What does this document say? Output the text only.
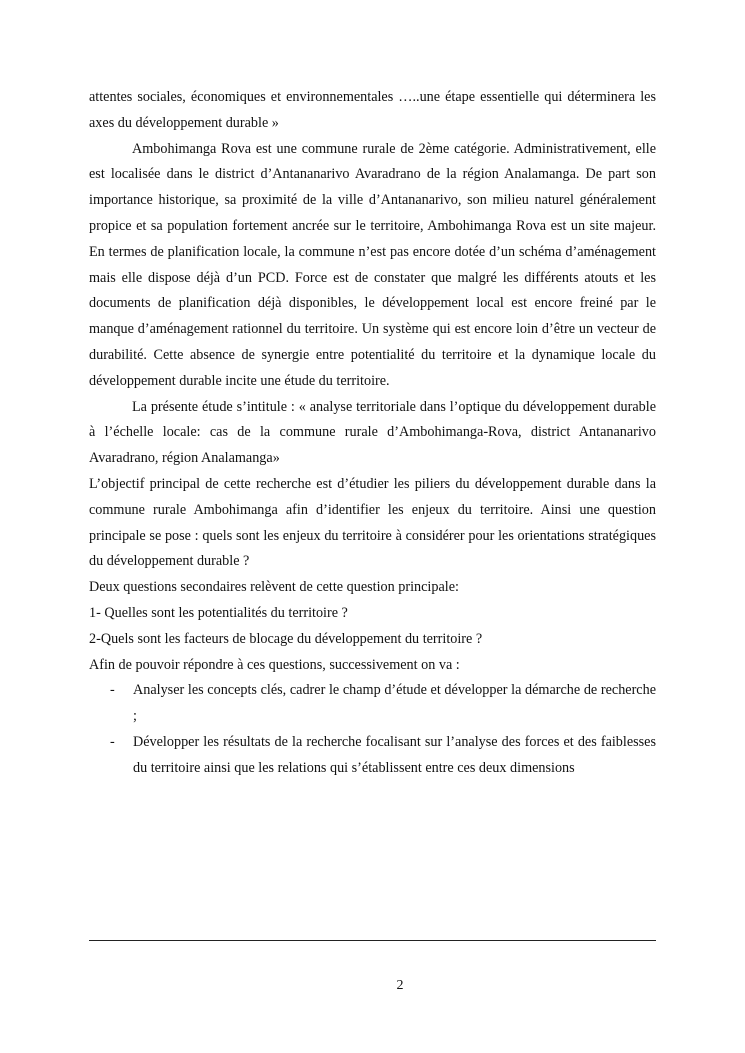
attentes sociales, économiques et environnementales …..une étape essentielle qui déterminera les axes du développement durable »

Ambohimanga Rova est une commune rurale de 2ème catégorie. Administrativement, elle est localisée dans le district d’Antananarivo Avaradrano de la région Analamanga. De part son importance historique, sa proximité de la ville d’Antananarivo, son milieu naturel généralement propice et sa population fortement ancrée sur le territoire, Ambohimanga Rova est un site majeur. En termes de planification locale, la commune n’est pas encore dotée d’un schéma d’aménagement mais elle dispose déjà d’un PCD. Force est de constater que malgré les différents atouts et les documents de planification déjà disponibles, le développement local est encore freiné par le manque d’aménagement rationnel du territoire. Un système qui est encore loin d’être un vecteur de durabilité. Cette absence de synergie entre potentialité du territoire et la dynamique locale du développement durable incite une étude du territoire.

La présente étude s’intitule : « analyse territoriale dans l’optique du développement durable à l’échelle locale: cas de la commune rurale d’Ambohimanga-Rova, district Antananarivo Avaradrano, région Analamanga»

L’objectif principal de cette recherche est d’étudier les piliers du développement durable dans la commune rurale Ambohimanga afin d’identifier les enjeux du territoire. Ainsi une question principale se pose : quels sont les enjeux du territoire à considérer pour les orientations stratégiques du développement durable ?

Deux questions secondaires relèvent de cette question principale:

1- Quelles sont les potentialités du territoire ?

2-Quels sont les facteurs de blocage du développement du territoire ?

Afin de pouvoir répondre à ces questions, successivement on va :

- Analyser les concepts clés, cadrer le champ d’étude et développer la démarche de recherche ;
- Développer les résultats de la recherche focalisant sur l’analyse des forces et des faiblesses du territoire ainsi que les relations qui s’établissent entre ces deux dimensions
2
